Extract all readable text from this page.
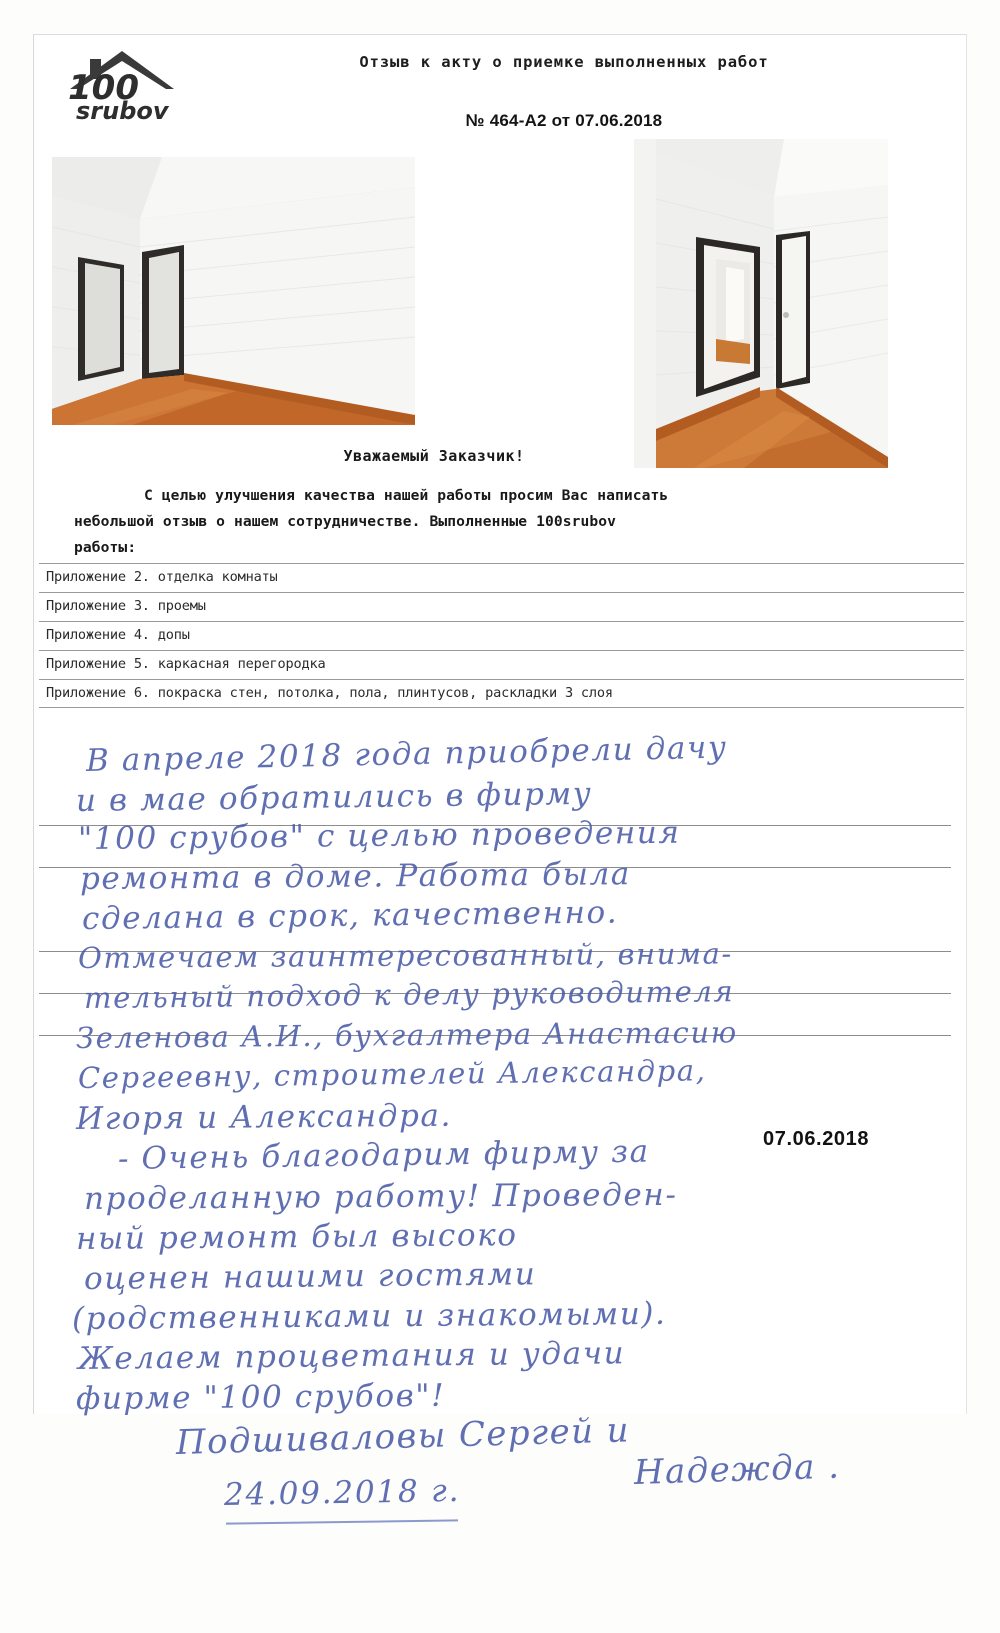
100
srubov
Отзыв к акту о приемке выполненных работ
№ 464-А2 от 07.06.2018
Уважаемый Заказчик!
С целью улучшения качества нашей работы просим Вас написать
небольшой отзыв о нашем сотрудничестве. Выполненные 100srubov
работы:
Приложение 2. отделка комнаты
Приложение 3. проемы
Приложение 4. допы
Приложение 5. каркасная перегородка
Приложение 6. покраска стен, потолка, пола, плинтусов, раскладки 3 слоя
В апреле 2018 года приобрели дачу
и в мае обратились в фирму
"100 срубов" с целью проведения
ремонта в доме. Работа была
сделана в срок, качественно.
Отмечаем заинтересованный, внима-
тельный подход к делу руководителя
Зеленова А.И., бухгалтера Анастасию
Сергеевну, строителей Александра,
Игоря и Александра.
- Очень благодарим фирму за
проделанную работу! Проведен-
ный ремонт был высоко
оценен нашими гостями
(родственниками и знакомыми).
Желаем процветания и удачи
фирме "100 срубов"!
Подшиваловы Сергей и
Надежда .
24.09.2018 г.
07.06.2018
